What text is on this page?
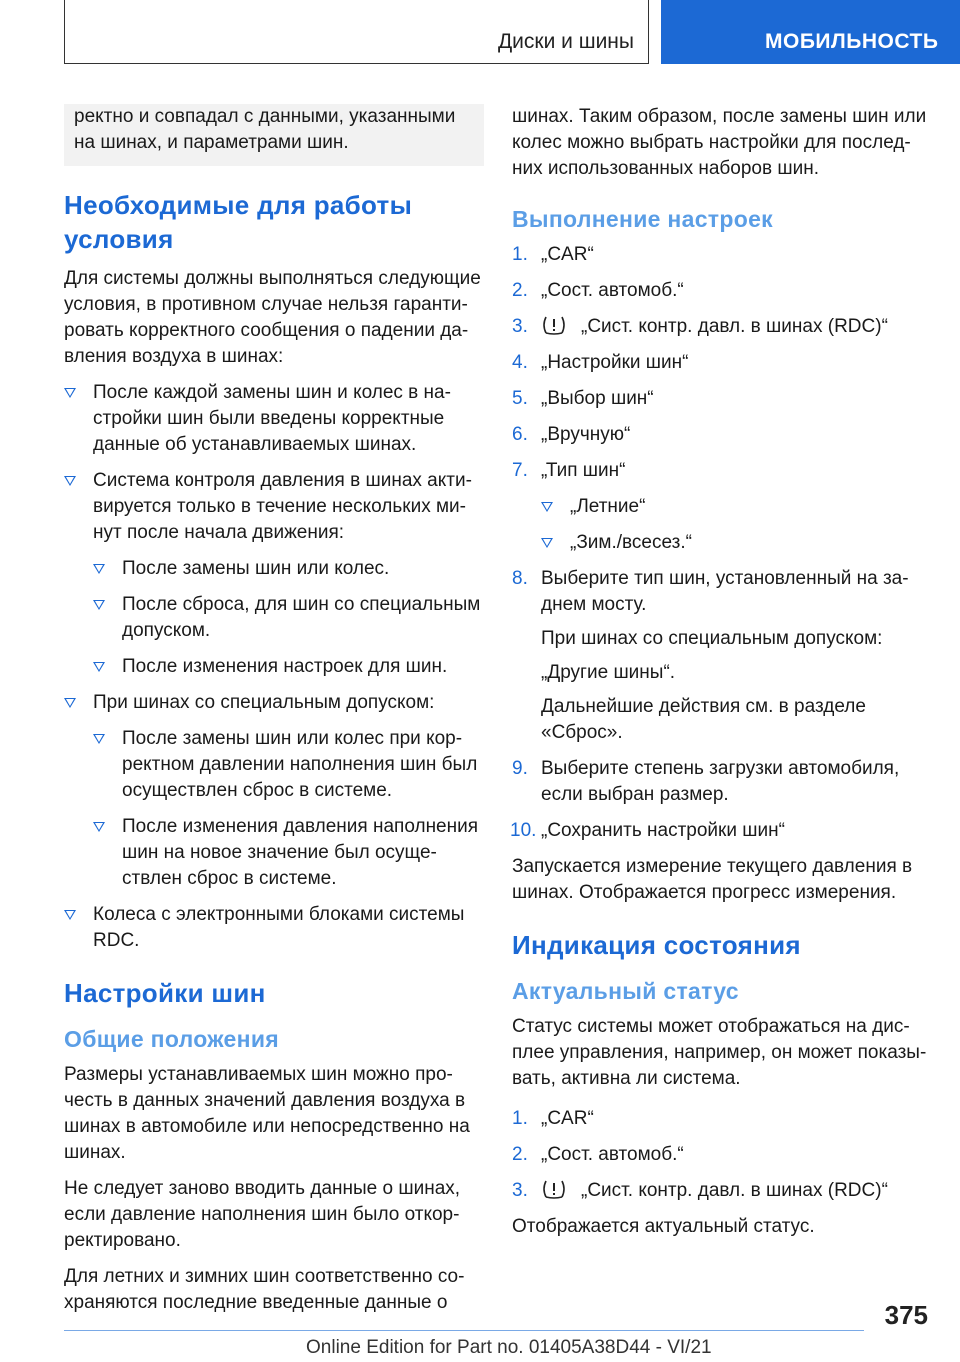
Диски и шины	МОБИЛЬНОСТЬ

ректно и совпадал с данными, указанными на шинах, и параметрами шин.

Необходимые для работы условия

Для системы должны выполняться следующие условия, в противном случае нельзя гаранти-ровать корректного сообщения о падении да-вления воздуха в шинах:

После каждой замены шин и колес в на-стройки шин были введены корректные данные об устанавливаемых шинах.
Система контроля давления в шинах акти-вируется только в течение нескольких ми-нут после начала движения:
После замены шин или колес.
После сброса, для шин со специальным допуском.
После изменения настроек для шин.
При шинах со специальным допуском:
После замены шин или колес при кор-ректном давлении наполнения шин был осуществлен сброс в системе.
После изменения давления наполнения шин на новое значение был осуще-ствлен сброс в системе.
Колеса с электронными блоками системы RDC.
Настройки шин
Общие положения

Размеры устанавливаемых шин можно про-честь в данных значений давления воздуха в шинах в автомобиле или непосредственно на шинах.

Не следует заново вводить данные о шинах, если давление наполнения шин было откор-ректировано.

Для летних и зимних шин соответственно со-храняются последние введенные данные о

шинах. Таким образом, после замены шин или колес можно выбрать настройки для послед-них использованных наборов шин.

Выполнение настроек
1. „CAR“
2. „Сост. автомоб.“
3.	„Сист. контр. давл. в шинах (RDC)“
4. „Настройки шин“
5. „Выбор шин“
6. „Вручную“
7. „Тип шин“
„Летние“
„Зим./всесез.“
8. Выберите тип шин, установленный на за-днем мосту.

При шинах со специальным допуском:

„Другие шины“.

Дальнейшие действия см. в разделе «Сброс».

9. Выберите степень загрузки автомобиля, если выбран размер.
10. „Сохранить настройки шин“

Запускается измерение текущего давления в шинах. Отображается прогресс измерения.

Индикация состояния
Актуальный статус

Статус системы может отображаться на дис-плее управления, например, он может показы-вать, активна ли система.

1. „CAR“
2. „Сост. автомоб.“
3.	„Сист. контр. давл. в шинах (RDC)“

Отображается актуальный статус.

375
Online Edition for Part no. 01405A38D44 - VI/21
